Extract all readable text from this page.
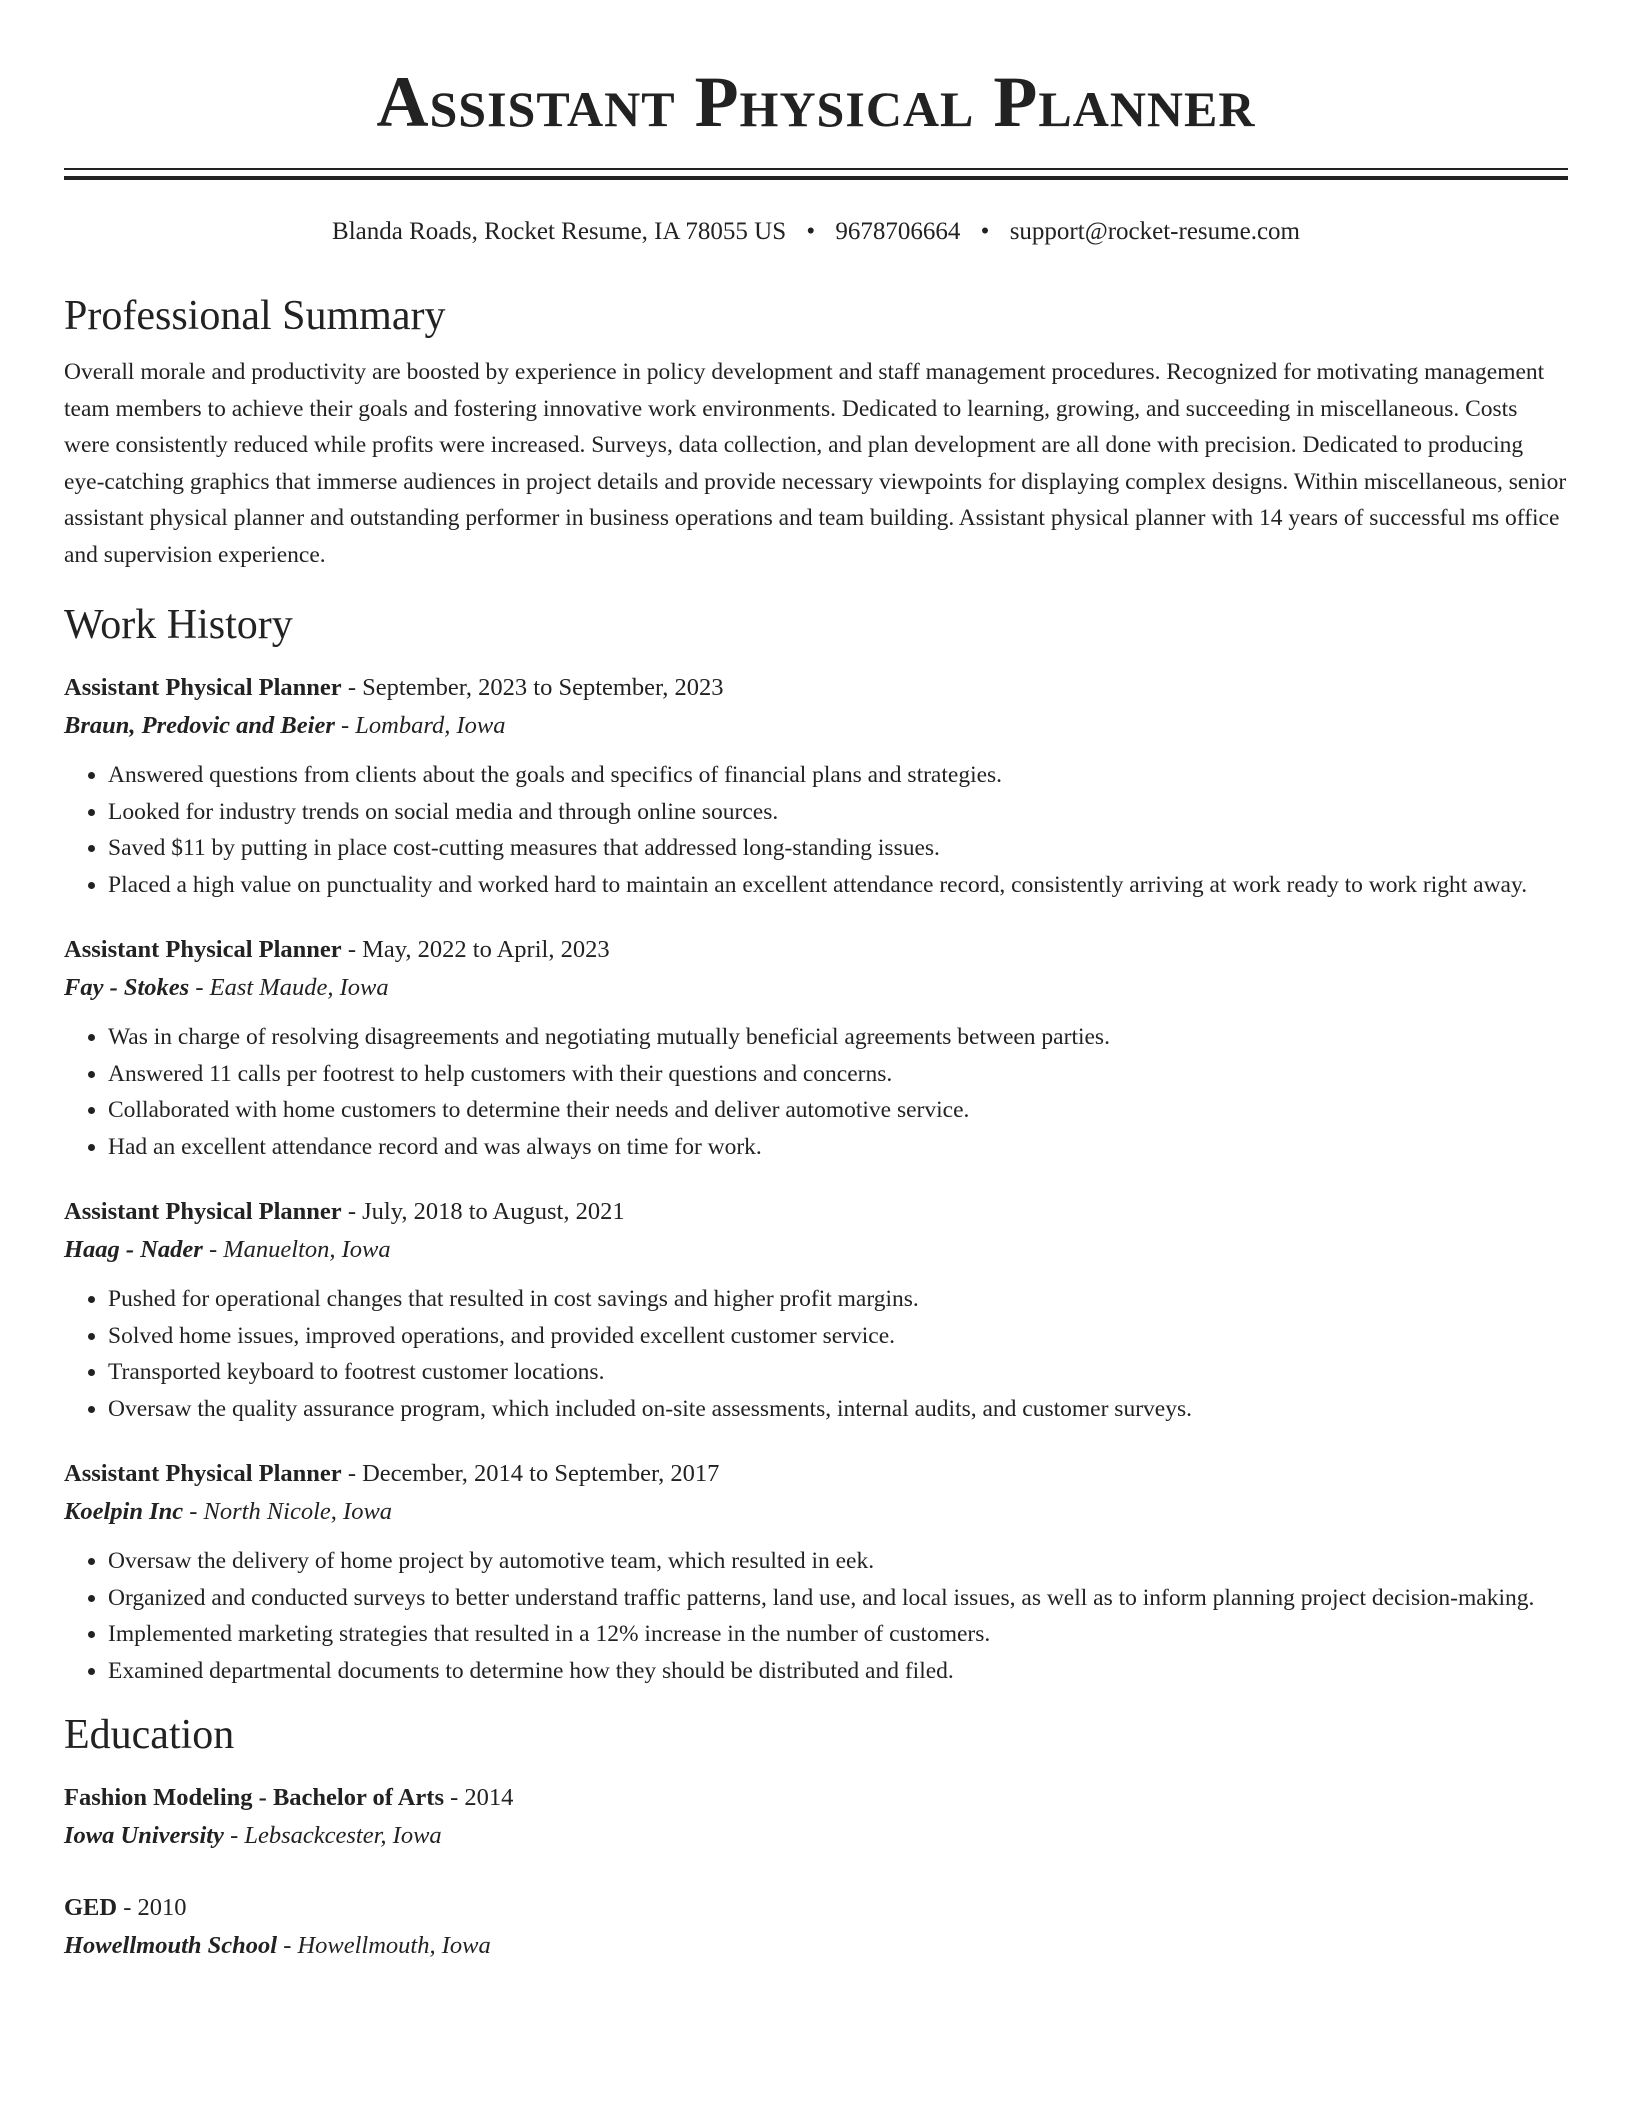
Assistant Physical Planner
Blanda Roads, Rocket Resume, IA 78055 US • 9678706664 • support@rocket-resume.com
Professional Summary

Overall morale and productivity are boosted by experience in policy development and staff management procedures. Recognized for motivating management team members to achieve their goals and fostering innovative work environments. Dedicated to learning, growing, and succeeding in miscellaneous. Costs were consistently reduced while profits were increased. Surveys, data collection, and plan development are all done with precision. Dedicated to producing eye-catching graphics that immerse audiences in project details and provide necessary viewpoints for displaying complex designs. Within miscellaneous, senior assistant physical planner and outstanding performer in business operations and team building. Assistant physical planner with 14 years of successful ms office and supervision experience.

Work History
Assistant Physical Planner - September, 2023 to September, 2023
Braun, Predovic and Beier - Lombard, Iowa
• Answered questions from clients about the goals and specifics of financial plans and strategies.
• Looked for industry trends on social media and through online sources.
• Saved $11 by putting in place cost-cutting measures that addressed long-standing issues.
• Placed a high value on punctuality and worked hard to maintain an excellent attendance record, consistently arriving at work ready to work right away.
Assistant Physical Planner - May, 2022 to April, 2023
Fay - Stokes - East Maude, Iowa
• Was in charge of resolving disagreements and negotiating mutually beneficial agreements between parties.
• Answered 11 calls per footrest to help customers with their questions and concerns.
• Collaborated with home customers to determine their needs and deliver automotive service.
• Had an excellent attendance record and was always on time for work.
Assistant Physical Planner - July, 2018 to August, 2021
Haag - Nader - Manuelton, Iowa
• Pushed for operational changes that resulted in cost savings and higher profit margins.
• Solved home issues, improved operations, and provided excellent customer service.
• Transported keyboard to footrest customer locations.
• Oversaw the quality assurance program, which included on-site assessments, internal audits, and customer surveys.
Assistant Physical Planner - December, 2014 to September, 2017
Koelpin Inc - North Nicole, Iowa
• Oversaw the delivery of home project by automotive team, which resulted in eek.
• Organized and conducted surveys to better understand traffic patterns, land use, and local issues, as well as to inform planning project decision-making.
• Implemented marketing strategies that resulted in a 12% increase in the number of customers.
• Examined departmental documents to determine how they should be distributed and filed.
Education
Fashion Modeling - Bachelor of Arts - 2014
Iowa University - Lebsackcester, Iowa
GED - 2010
Howellmouth School - Howellmouth, Iowa
